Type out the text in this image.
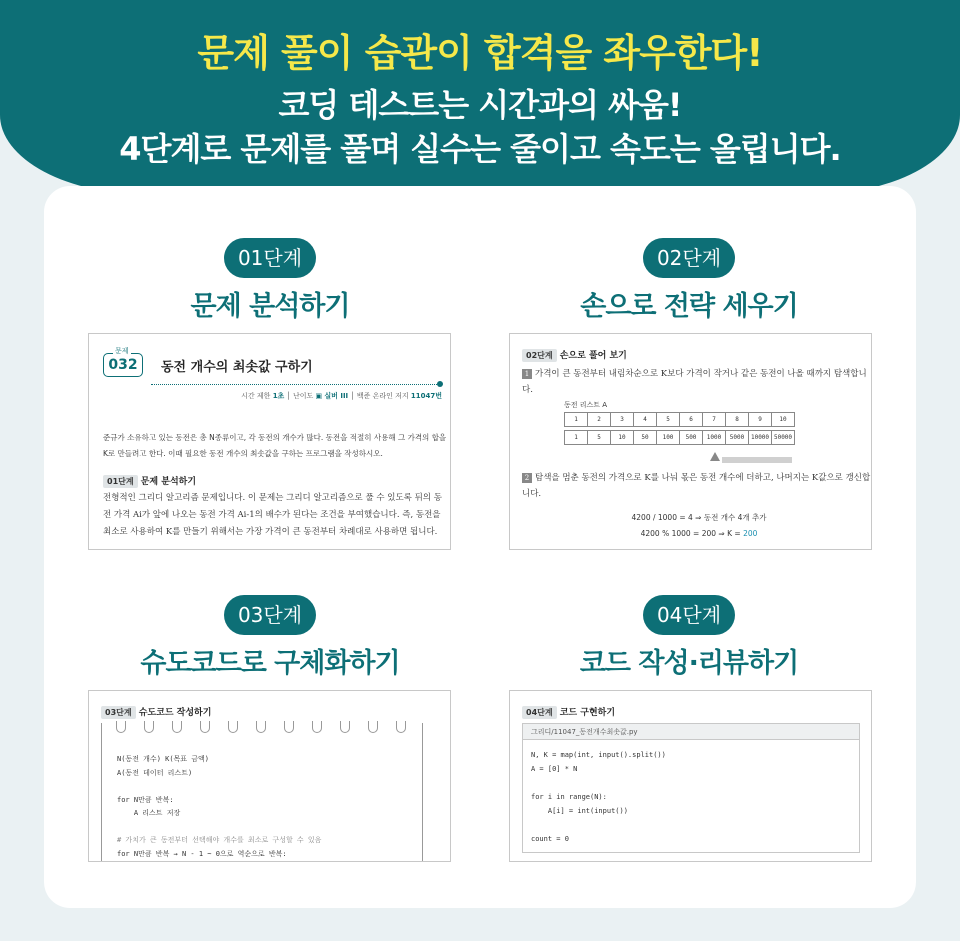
문제 풀이 습관이 합격을 좌우한다!
코딩 테스트는 시간과의 싸움!
4단계로 문제를 풀며 실수는 줄이고 속도는 올립니다.
01단계
문제 분석하기
032
문제
동전 개수의 최솟값 구하기
시간 제한 1초 │ 난이도 ▣ 실버 III │ 백준 온라인 저지 11047번
준규가 소유하고 있는 동전은 총 N종류이고, 각 동전의 개수가 많다. 동전을 적절히 사용해 그 가격의 합을 K로 만들려고 한다. 이때 필요한 동전 개수의 최솟값을 구하는 프로그램을 작성하시오.
01단계 문제 분석하기
전형적인 그리디 알고리즘 문제입니다. 이 문제는 그리디 알고리즘으로 풀 수 있도록 뒤의 동전 가격 Ai가 앞에 나오는 동전 가격 Ai-1의 배수가 된다는 조건을 부여했습니다. 즉, 동전을 최소로 사용하여 K를 만들기 위해서는 가장 가격이 큰 동전부터 차례대로 사용하면 됩니다.
02단계
손으로 전략 세우기
02단계 손으로 풀어 보기
1 가격이 큰 동전부터 내림차순으로 K보다 가격이 작거나 같은 동전이 나올 때까지 탐색합니다.
동전 리스트 A
1	2	3	4	5	6	7	8	9	10
1	5	10	50	100	500	1000	5000	10000	50000
2 탐색을 멈춘 동전의 가격으로 K를 나눠 몫은 동전 개수에 더하고, 나머지는 K값으로 갱신합니다.
4200 / 1000 = 4 ⇒ 동전 개수 4개 추가
4200 % 1000 = 200 ⇒ K = 200
03단계
슈도코드로 구체화하기
03단계 슈도코드 작성하기
N(동전 개수) K(목표 금액)
A(동전 데이터 리스트)

for N만큼 반복:
A 리스트 저장

# 가치가 큰 동전부터 선택해야 개수를 최소로 구성할 수 있음
for N만큼 반복 → N - 1 ~ 0으로 역순으로 반복:
04단계
코드 작성·리뷰하기
04단계 코드 구현하기
그리디/11047_동전개수최솟값.py
N, K = map(int, input().split())
A = [0] * N

for i in range(N):
A[i] = int(input())

count = 0
